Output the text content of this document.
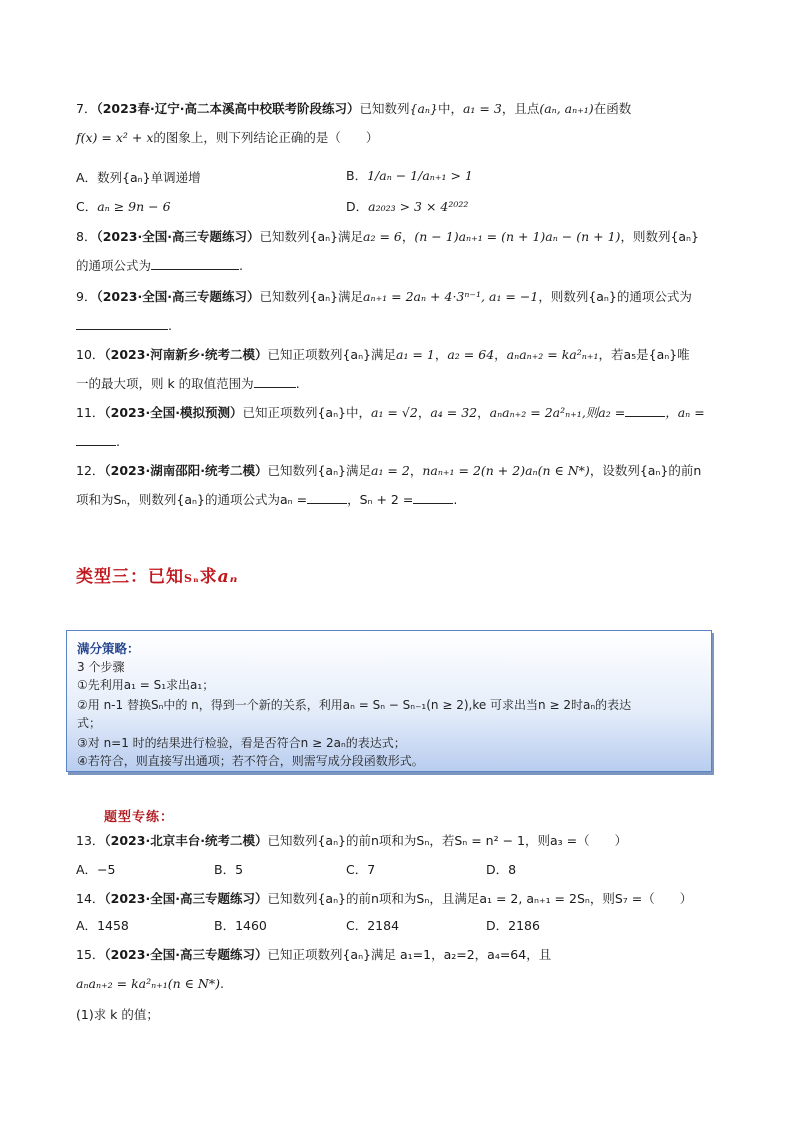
7．（2023春·辽宁·高二本溪高中校联考阶段练习）已知数列{aₙ}中，a₁ = 3，且点(aₙ, aₙ₊₁)在函数
f(x) = x² + x的图象上，则下列结论正确的是（　　）
A．数列{aₙ}单调递增	B．1/aₙ − 1/aₙ₊₁ > 1
C．aₙ ≥ 9n − 6	D．a₂₀₂₃ > 3 × 4²⁰²²
8．（2023·全国·高三专题练习）已知数列{aₙ}满足a₂ = 6，(n − 1)aₙ₊₁ = (n + 1)aₙ − (n + 1)，则数列{aₙ}
的通项公式为	.
9．（2023·全国·高三专题练习）已知数列{aₙ}满足aₙ₊₁ = 2aₙ + 4·3ⁿ⁻¹, a₁ = −1，则数列{aₙ}的通项公式为
.
10．（2023·河南新乡·统考二模）已知正项数列{aₙ}满足a₁ = 1，a₂ = 64，aₙaₙ₊₂ = ka²ₙ₊₁，若a₅是{aₙ}唯
一的最大项，则 k 的取值范围为	.
11．（2023·全国·模拟预测）已知正项数列{aₙ}中，a₁ = √2，a₄ = 32，aₙaₙ₊₂ = 2a²ₙ₊₁,则a₂ =	，aₙ =
.
12．（2023·湖南邵阳·统考二模）已知数列{aₙ}满足a₁ = 2，naₙ₊₁ = 2(n + 2)aₙ(n ∈ N*)，设数列{aₙ}的前n
项和为Sₙ，则数列{aₙ}的通项公式为aₙ =	，Sₙ + 2 =	.
类型三：已知Sₙ求aₙ
满分策略：
3 个步骤
①先利用a₁ = S₁求出a₁；
②用 n-1 替换Sₙ中的 n，得到一个新的关系，利用aₙ = Sₙ − Sₙ₋₁(n ≥ 2),ke 可求出当n ≥ 2时aₙ的表达
式；
③对 n=1 时的结果进行检验，看是否符合n ≥ 2aₙ的表达式；
④若符合，则直接写出通项；若不符合，则需写成分段函数形式。
题型专练：
13．（2023·北京丰台·统考二模）已知数列{aₙ}的前n项和为Sₙ，若Sₙ = n² − 1，则a₃ =（　　）
A．−5	B．5	C．7	D．8
14．（2023·全国·高三专题练习）已知数列{aₙ}的前n项和为Sₙ，且满足a₁ = 2, aₙ₊₁ = 2Sₙ，则S₇ =（　　）
A．1458	B．1460	C．2184	D．2186
15．（2023·全国·高三专题练习）已知正项数列{aₙ}满足 a₁=1，a₂=2，a₄=64，且
aₙaₙ₊₂ = ka²ₙ₊₁(n ∈ N*).
(1)求 k 的值；
